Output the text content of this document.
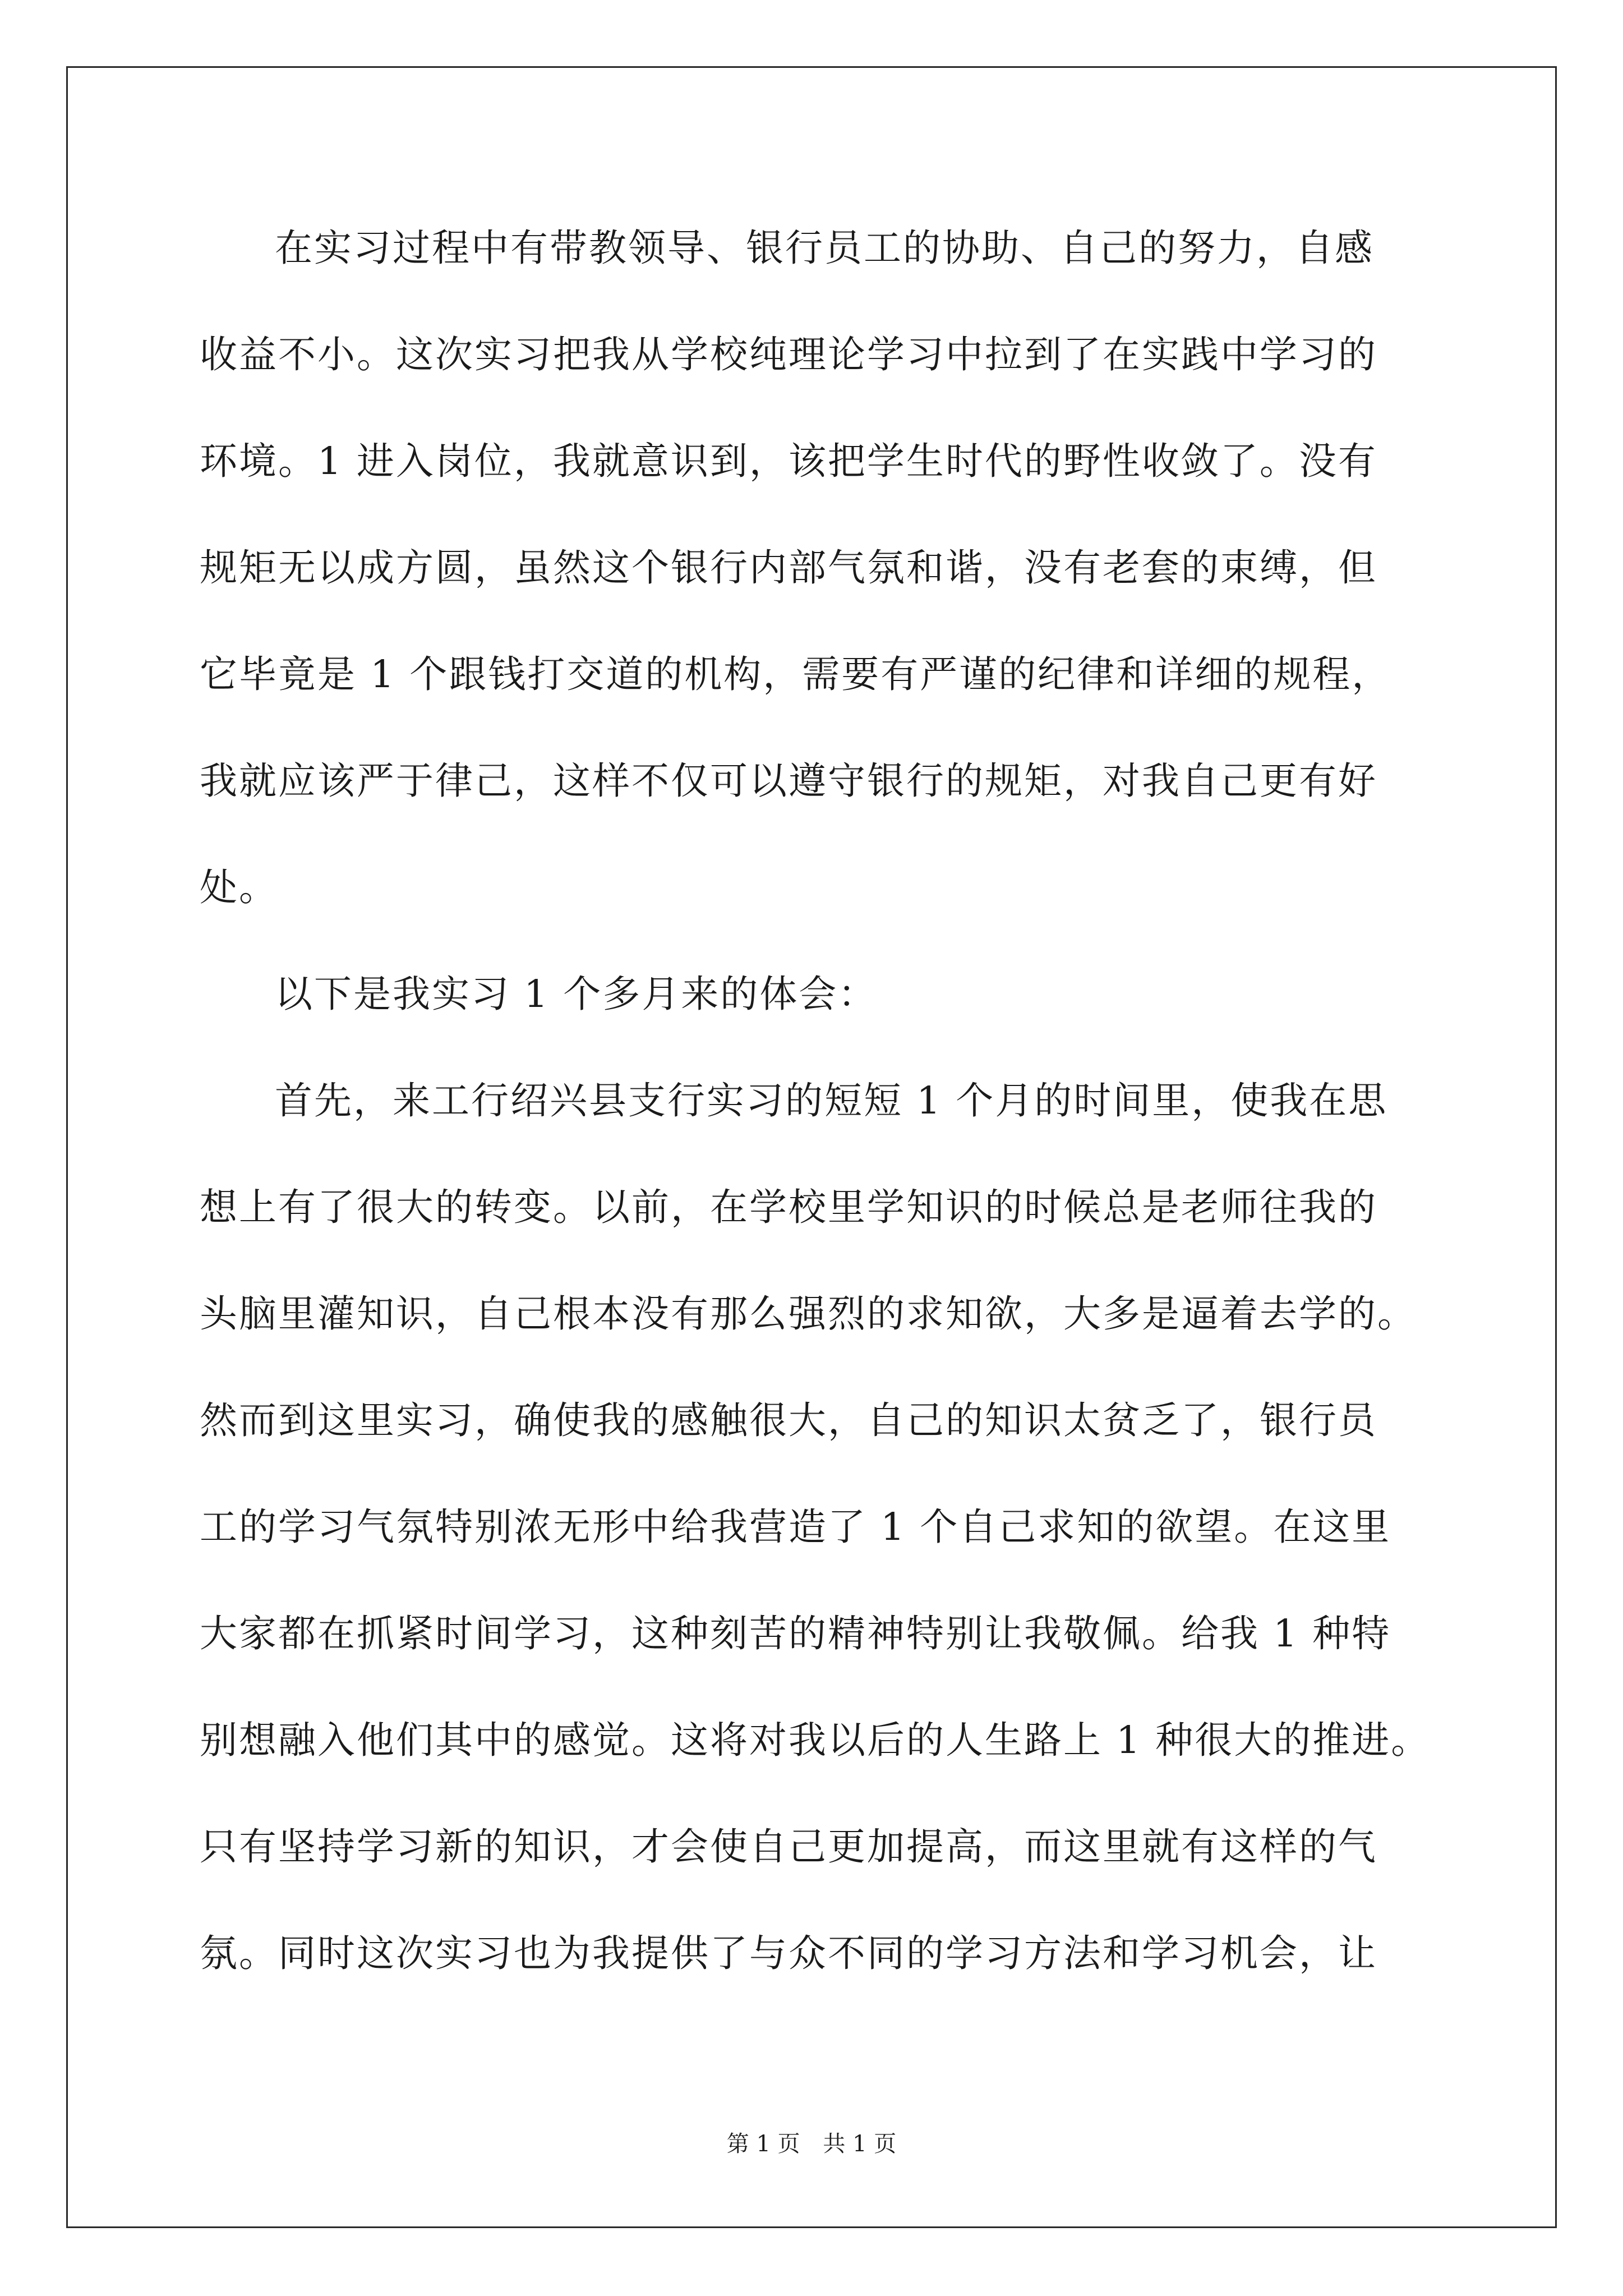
在实习过程中有带教领导、银行员工的协助、自己的努力，自感
收益不小。这次实习把我从学校纯理论学习中拉到了在实践中学习的
环境。1 进入岗位，我就意识到，该把学生时代的野性收敛了。没有
规矩无以成方圆，虽然这个银行内部气氛和谐，没有老套的束缚，但
它毕竟是 1 个跟钱打交道的机构，需要有严谨的纪律和详细的规程，
我就应该严于律己，这样不仅可以遵守银行的规矩，对我自己更有好
处。
以下是我实习 1 个多月来的体会：
首先，来工行绍兴县支行实习的短短 1 个月的时间里，使我在思
想上有了很大的转变。以前，在学校里学知识的时候总是老师往我的
头脑里灌知识，自己根本没有那么强烈的求知欲，大多是逼着去学的。
然而到这里实习，确使我的感触很大，自己的知识太贫乏了，银行员
工的学习气氛特别浓无形中给我营造了 1 个自己求知的欲望。在这里
大家都在抓紧时间学习，这种刻苦的精神特别让我敬佩。给我 1 种特
别想融入他们其中的感觉。这将对我以后的人生路上 1 种很大的推进。
只有坚持学习新的知识，才会使自己更加提高，而这里就有这样的气
氛。同时这次实习也为我提供了与众不同的学习方法和学习机会，让
第 1 页 共 1 页
